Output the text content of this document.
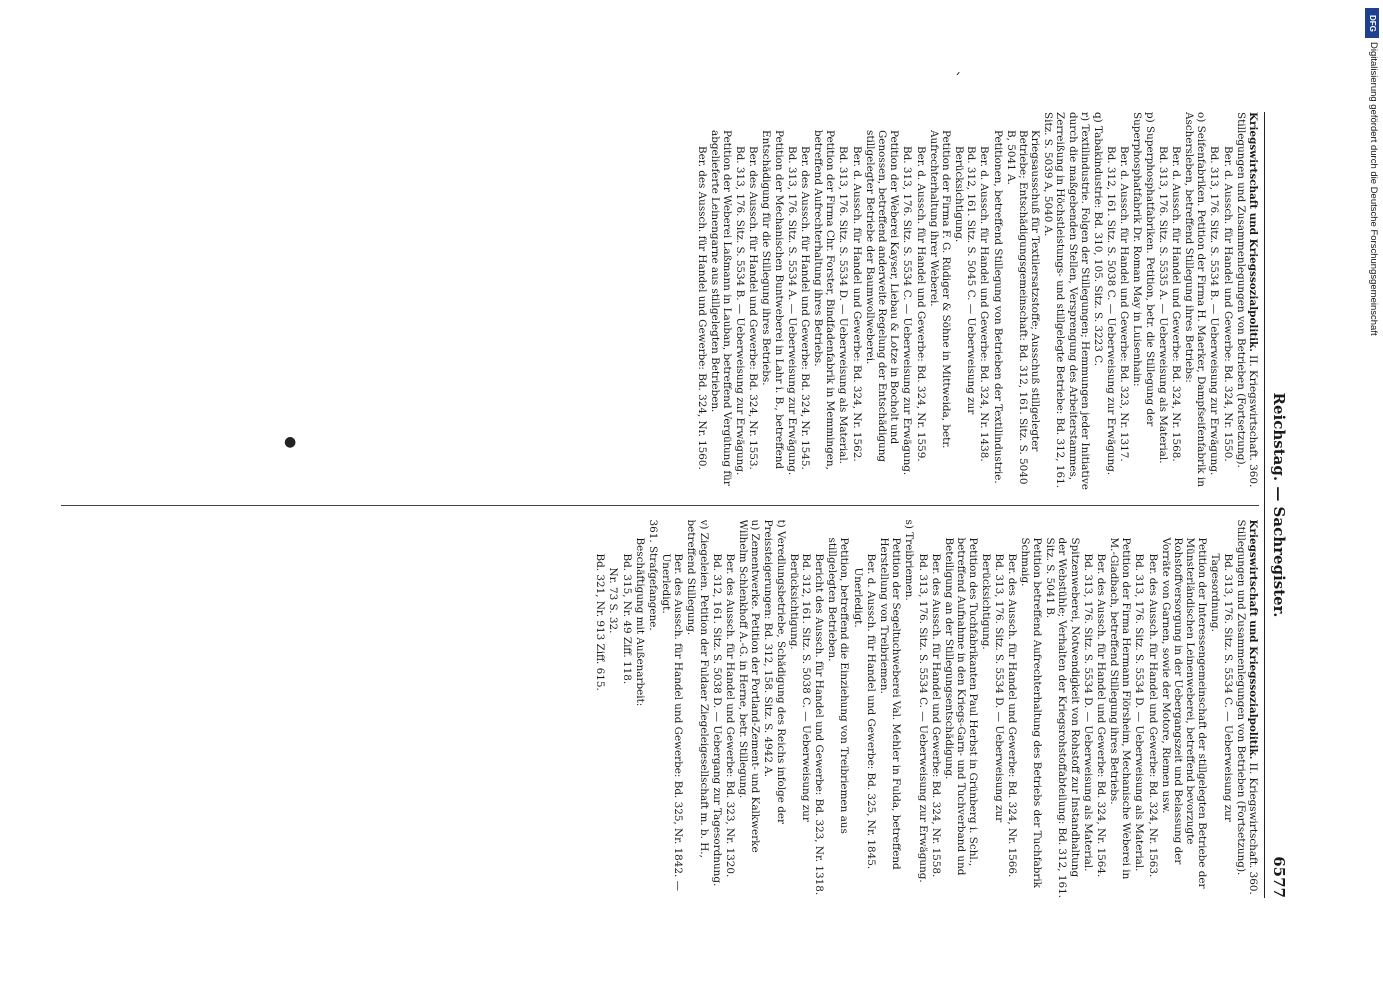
Reichstag. — Sachregister.
6577

Kriegswirtschaft und Kriegssozialpolitik. II. Kriegswirtschaft. 360. Stillegungen und Zusammenlegungen von Betrieben (Fortsetzung).

Ber. d. Aussch. für Handel und Gewerbe: Bd. 324, Nr. 1550.

Bd. 313, 176. Sitz. S. 5534 B. — Ueberweisung zur Erwägung.

o) Seifenfabriken. Petition der Firma H. Maerker, Dampfseifenfabrik in Aschersleben, betreffend Stillegung ihres Betriebs:

Ber. d. Aussch. für Handel und Gewerbe: Bd. 324, Nr. 1568.

Bd. 313, 176. Sitz. S. 5535 A. — Ueberweisung als Material.

p) Superphosphatfabriken. Petition, betr. die Stillegung der Superphosphatfabrik Dr. Roman May in Luisenhain:

Ber. d. Aussch. für Handel und Gewerbe: Bd. 323, Nr. 1317.

Bd. 312, 161. Sitz. S. 5038 C. — Ueberweisung zur Erwägung.

q) Tabakindustrie: Bd. 310, 105. Sitz. S. 3223 C.

r) Textilindustrie. Folgen der Stillegungen; Hemmungen jeder Initiative durch die maßgebenden Stellen, Versprengung des Arbeiterstammes, Zerreißung in Höchstleistungs- und stillgelegte Betriebe: Bd. 312, 161. Sitz. S. 5039 A, 5040 A.

Kriegsausschuß für Textilersatzstoffe; Ausschuß stillgelegter Betriebe; Entschädigungsgemeinschaft: Bd. 312, 161. Sitz. S. 5040 B, 5041 A.

Petitionen, betreffend Stillegung von Betrieben der Textilindustrie.

Ber. d. Aussch. für Handel und Gewerbe: Bd. 324, Nr. 1438.

Bd. 312, 161. Sitz. S. 5045 C. — Ueberweisung zur Berücksichtigung.

Petition der Firma F. G. Rüdiger & Söhne in Mittweida, betr. Aufrechterhaltung ihrer Weberei.

Ber. d. Aussch. für Handel und Gewerbe: Bd. 324, Nr. 1559.

Bd. 313, 176. Sitz. S. 5534 C. — Ueberweisung zur Erwägung.

Petition der Weberei Kayser, Liebau & Lotze in Bocholt und Genossen, betreffend anderweite Regelung der Entschädigung stillgelegter Betriebe der Baumwollweberei.

Ber. d. Aussch. für Handel und Gewerbe: Bd. 324, Nr. 1562.

Bd. 313, 176. Sitz. S. 5534 D. — Ueberweisung als Material.

Petition der Firma Chr. Forster, Bindfadenfabrik in Memmingen, betreffend Aufrechterhaltung ihres Betriebs.

Ber. des Aussch. für Handel und Gewerbe: Bd. 324, Nr. 1545.

Bd. 313, 176. Sitz. S. 5534 A. — Ueberweisung zur Erwägung.

Petition der Mechanischen Buntweberei in Lahr i. B., betreffend Entschädigung für die Stillegung ihres Betriebs.

Ber. des Aussch. für Handel und Gewerbe: Bd. 324, Nr. 1553.

Bd. 313, 176. Sitz. S. 5534 B. — Ueberweisung zur Erwägung.

Petition der Weberei Laßmann in Lauban, betreffend Vergütung für abgelieferte Leinengarne aus stillgelegten Betrieben.

Ber. des Aussch. für Handel und Gewerbe: Bd. 324, Nr. 1560.

Kriegswirtschaft und Kriegssozialpolitik. II. Kriegswirtschaft. 360. Stillegungen und Zusammenlegungen von Betrieben (Fortsetzung).

Bd. 313, 176. Sitz. S. 5534 C. — Ueberweisung zur Tagesordnung.

Petition der Interessengemeinschaft der stillgelegten Betriebe der Münsterländischen Leinenweberei, betreffend bevorzugte Rohstoffversorgung in der Uebergangszeit und Belassung der Vorräte von Garnen, sowie der Motore, Riemen usw.

Ber. des Aussch. für Handel und Gewerbe: Bd. 324, Nr. 1563.

Bd. 313, 176. Sitz. S. 5534 D. — Ueberweisung als Material.

Petition der Firma Hermann Flörsheim, Mechanische Weberei in M.-Gladbach, betreffend Stillegung ihres Betriebs.

Ber. des Aussch. für Handel und Gewerbe: Bd. 324, Nr. 1564.

Bd. 313, 176. Sitz. S. 5534 D. — Ueberweisung als Material.

Spitzenweberei, Notwendigkeit von Rohstoff zur Instandhaltung der Webstühle; Verhalten der Kriegsrohstoffabteilung: Bd. 312, 161. Sitz. S. 5041 B.

Petition betreffend Aufrechterhaltung des Betriebs der Tuchfabrik Schmaig.

Ber. des Aussch. für Handel und Gewerbe: Bd. 324, Nr. 1566.

Bd. 313, 176. Sitz. S. 5534 D. — Ueberweisung zur Berücksichtigung.

Petition des Tuchfabrikanten Paul Herbst in Grünberg i. Schl., betreffend Aufnahme in den Kriegs-Garn- und Tuchverband und Beteiligung an der Stillegungsentschädigung.

Ber. des Aussch. für Handel und Gewerbe: Bd. 324, Nr. 1558.

Bd. 313, 176. Sitz. S. 5534 C. — Ueberweisung zur Erwägung.

s) Treibriemen.

Petition der Segeltuchweberei Val. Mehler in Fulda, betreffend Herstellung von Treibriemen.

Ber. d. Aussch. für Handel und Gewerbe: Bd. 325, Nr. 1845.

Unerledigt.

Petition, betreffend die Einziehung von Treibriemen aus stillgelegten Betrieben.

Bericht des Aussch. für Handel und Gewerbe: Bd. 323, Nr. 1318.

Bd. 312, 161. Sitz. S. 5038 C. — Ueberweisung zur Berücksichtigung.

t) Veredlungsbetriebe, Schädigung des Reichs infolge der Preissteigerungen: Bd. 312, 158. Sitz. S. 4942 A.

u) Zementwerke. Petition der Portland-Zement- und Kalkwerke Wilhelm Schlenkhoff A.-G. in Herne, betr. Stillegung.

Ber. des Aussch. für Handel und Gewerbe: Bd. 323, Nr. 1320.

Bd. 312, 161. Sitz. S. 5038 D. — Uebergang zur Tagesordnung.

v) Ziegeleien. Petition der Fuldaer Ziegeleigesellschaft m. b. H., betreffend Stillegung.

Ber. des Aussch. für Handel und Gewerbe: Bd. 325, Nr. 1842. — Unerledigt.

361. Strafgefangene.

Beschäftigung mit Außenarbeit:

Bd. 315, Nr. 49 Ziff. 118.

Nr. 73 S. 32.

Bd. 321, Nr. 913 Ziff. 615.

●
ˊ
DFG
Digitalisierung gefördert durch die Deutsche Forschungsgemeinschaft
